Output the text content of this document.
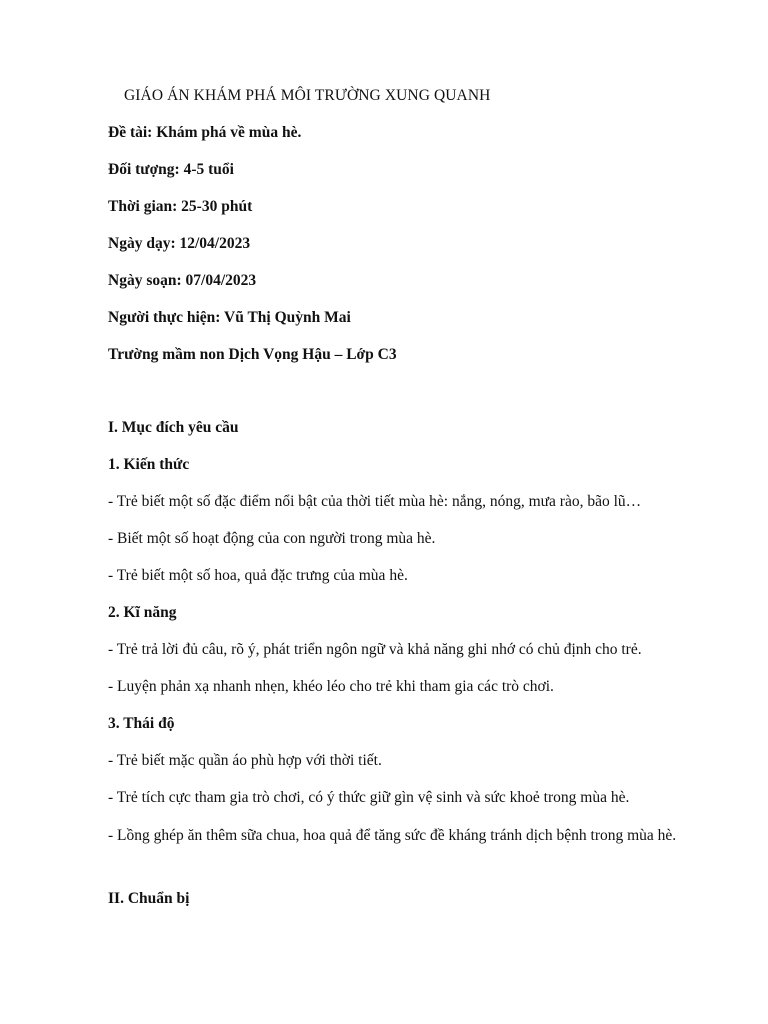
GIÁO ÁN KHÁM PHÁ MÔI TRƯỜNG XUNG QUANH
Đề tài: Khám phá về mùa hè.
Đối tượng: 4-5 tuổi
Thời gian: 25-30 phút
Ngày dạy: 12/04/2023
Ngày soạn: 07/04/2023
Người thực hiện: Vũ Thị Quỳnh Mai
Trường mầm non Dịch Vọng Hậu – Lớp C3
I. Mục đích yêu cầu
1. Kiến thức
- Trẻ biết một số đặc điểm nổi bật của thời tiết mùa hè: nắng, nóng, mưa rào, bão lũ…
- Biết một số hoạt động của con người trong mùa hè.
- Trẻ biết một số hoa, quả đặc trưng của mùa hè.
2. Kĩ năng
- Trẻ trả lời đủ câu, rõ ý, phát triển ngôn ngữ và khả năng ghi nhớ có chủ định cho trẻ.
- Luyện phản xạ nhanh nhẹn, khéo léo cho trẻ khi tham gia các trò chơi.
3. Thái độ
- Trẻ biết mặc quần áo phù hợp với thời tiết.
- Trẻ tích cực tham gia trò chơi, có ý thức giữ gìn vệ sinh và sức khoẻ trong mùa hè.
- Lồng ghép ăn thêm sữa chua, hoa quả để tăng sức đề kháng tránh dịch bệnh trong mùa hè.
II. Chuẩn bị
